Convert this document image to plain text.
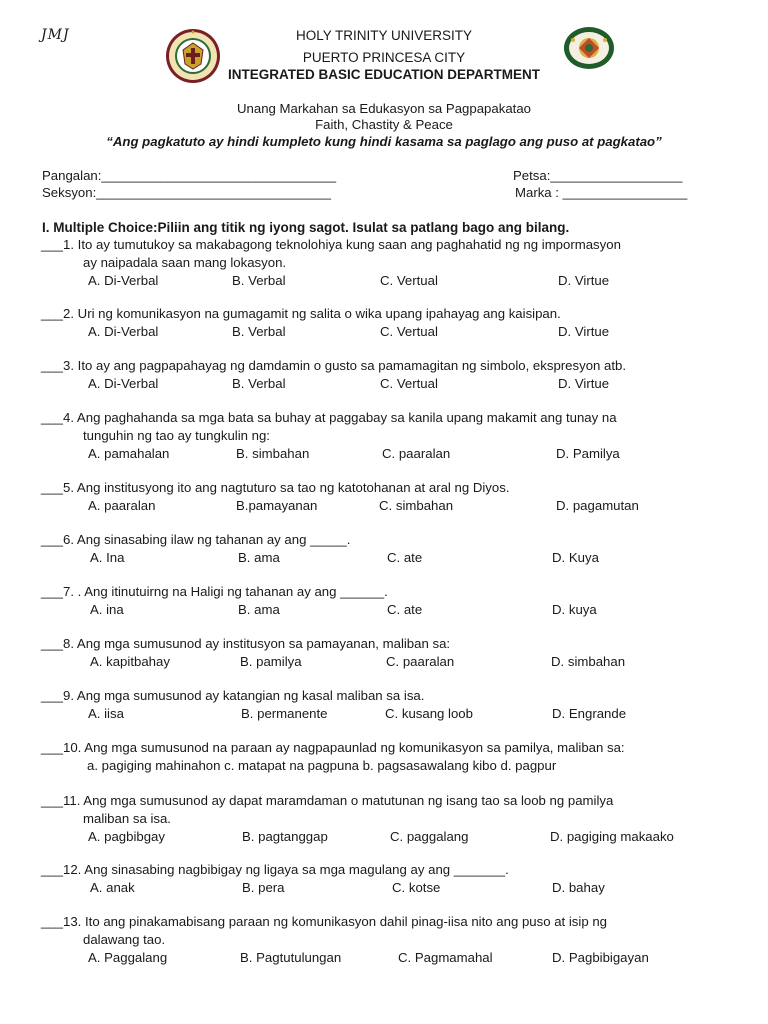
JMJ	HOLY TRINITY UNIVERSITY
PUERTO PRINCESA CITY
INTEGRATED BASIC EDUCATION DEPARTMENT
Unang Markahan sa Edukasyon sa Pagpapakatao
Faith, Chastity & Peace
“Ang pagkatuto ay hindi kumpleto kung hindi kasama sa paglago ang puso at pagkatao”
Pangalan:________________________________
Seksyon:________________________________
Petsa:__________________
Marka : _________________
I. Multiple Choice:Piliin ang titik ng iyong sagot. Isulat sa patlang bago ang bilang.
___1. Ito ay tumutukoy sa makabagong teknolohiya kung saan ang paghahatid ng ng impormasyon
ay naipadala saan mang lokasyon.
A. Di-Verbal	B. Verbal	C. Vertual	D. Virtue
___2. Uri ng komunikasyon na gumagamit ng salita o wika upang ipahayag ang kaisipan.
A. Di-Verbal	B. Verbal	C. Vertual	D. Virtue
___3. Ito ay ang pagpapahayag ng damdamin o gusto sa pamamagitan ng simbolo, ekspresyon atb.
A. Di-Verbal	B. Verbal	C. Vertual	D. Virtue
___4. Ang paghahanda sa mga bata sa buhay at paggabay sa kanila upang makamit ang tunay na
tunguhin ng tao ay tungkulin ng:
A. pamahalan	B. simbahan	C. paaralan	D. Pamilya
___5. Ang institusyong ito ang nagtuturo sa tao ng katotohanan at aral ng Diyos.
A. paaralan	B.pamayanan	C. simbahan	D. pagamutan
___6. Ang sinasabing ilaw ng tahanan ay ang _____.
A. Ina	B. ama	C. ate	D. Kuya
___7. . Ang itinutuirng na Haligi ng tahanan ay ang ______.
A. ina	B. ama	C. ate	D. kuya
___8. Ang mga sumusunod ay institusyon sa pamayanan, maliban sa:
A. kapitbahay	B. pamilya	C. paaralan	D. simbahan
___9. Ang mga sumusunod ay katangian ng kasal maliban sa isa.
A. iisa	B. permanente	C. kusang loob	D. Engrande
___10. Ang mga sumusunod na paraan ay nagpapaunlad ng komunikasyon sa pamilya, maliban sa:
a. pagiging mahinahon c. matapat na pagpuna b. pagsasawalang kibo d. pagpur
___11. Ang mga sumusunod ay dapat maramdaman o matutunan ng isang tao sa loob ng pamilya
maliban sa isa.
A. pagbibgay	B. pagtanggap	C. paggalang	D. pagiging makaako
___12. Ang sinasabing nagbibigay ng ligaya sa mga magulang ay ang _______.
A. anak	B. pera	C. kotse	D. bahay
___13. Ito ang pinakamabisang paraan ng komunikasyon dahil pinag-iisa nito ang puso at isip ng
dalawang tao.
A. Paggalang	B. Pagtutulungan	C. Pagmamahal	D. Pagbibigayan
